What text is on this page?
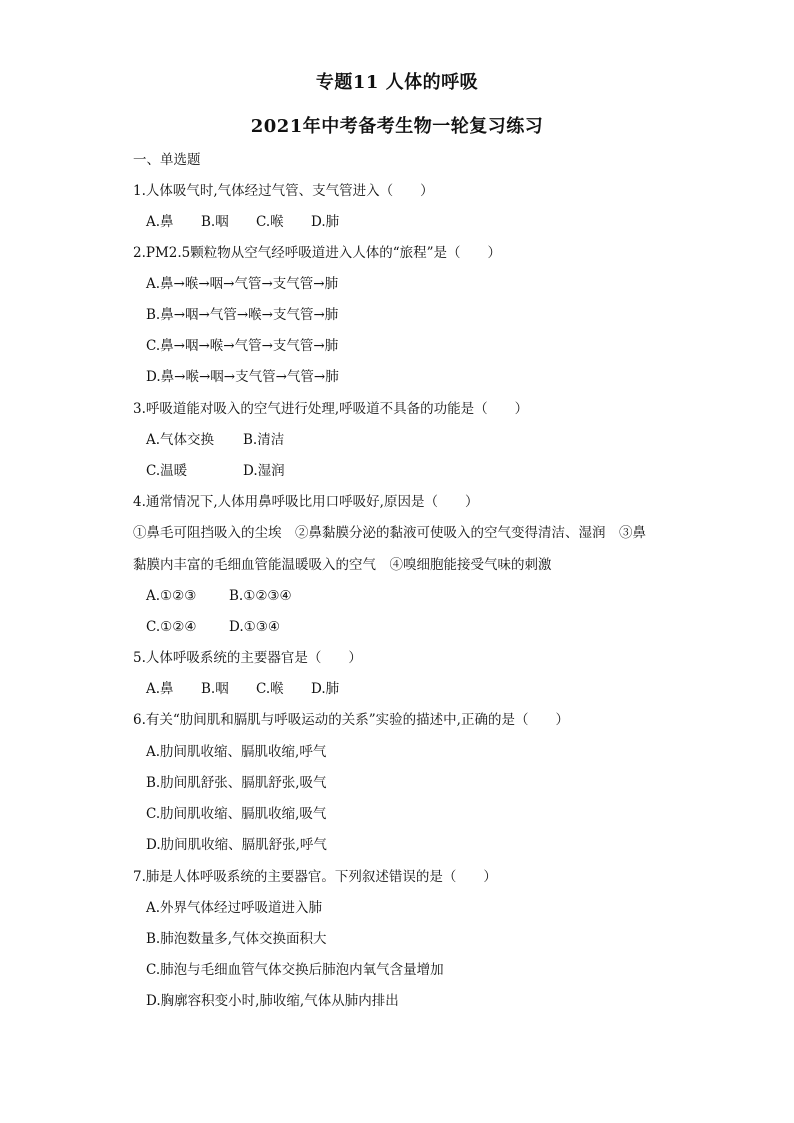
专题11 人体的呼吸
2021年中考备考生物一轮复习练习
一、单选题
1.人体吸气时,气体经过气管、支气管进入（　　）
A.鼻 B.咽 C.喉 D.肺
2.PM2.5颗粒物从空气经呼吸道进入人体的“旅程”是（　　）
A.鼻→喉→咽→气管→支气管→肺
B.鼻→咽→气管→喉→支气管→肺
C.鼻→咽→喉→气管→支气管→肺
D.鼻→喉→咽→支气管→气管→肺
3.呼吸道能对吸入的空气进行处理,呼吸道不具备的功能是（　　）
A.气体交换 B.清洁
C.温暖	D.湿润
4.通常情况下,人体用鼻呼吸比用口呼吸好,原因是（　　）
①鼻毛可阻挡吸入的尘埃　②鼻黏膜分泌的黏液可使吸入的空气变得清洁、湿润　③鼻
黏膜内丰富的毛细血管能温暖吸入的空气　④嗅细胞能接受气味的刺激
A.①②③ B.①②③④
C.①②④ D.①③④
5.人体呼吸系统的主要器官是（　　）
A.鼻 B.咽 C.喉 D.肺
6.有关“肋间肌和膈肌与呼吸运动的关系”实验的描述中,正确的是（　　）
A.肋间肌收缩、膈肌收缩,呼气
B.肋间肌舒张、膈肌舒张,吸气
C.肋间肌收缩、膈肌收缩,吸气
D.肋间肌收缩、膈肌舒张,呼气
7.肺是人体呼吸系统的主要器官。下列叙述错误的是（　　）
A.外界气体经过呼吸道进入肺
B.肺泡数量多,气体交换面积大
C.肺泡与毛细血管气体交换后肺泡内氧气含量增加
D.胸廓容积变小时,肺收缩,气体从肺内排出
